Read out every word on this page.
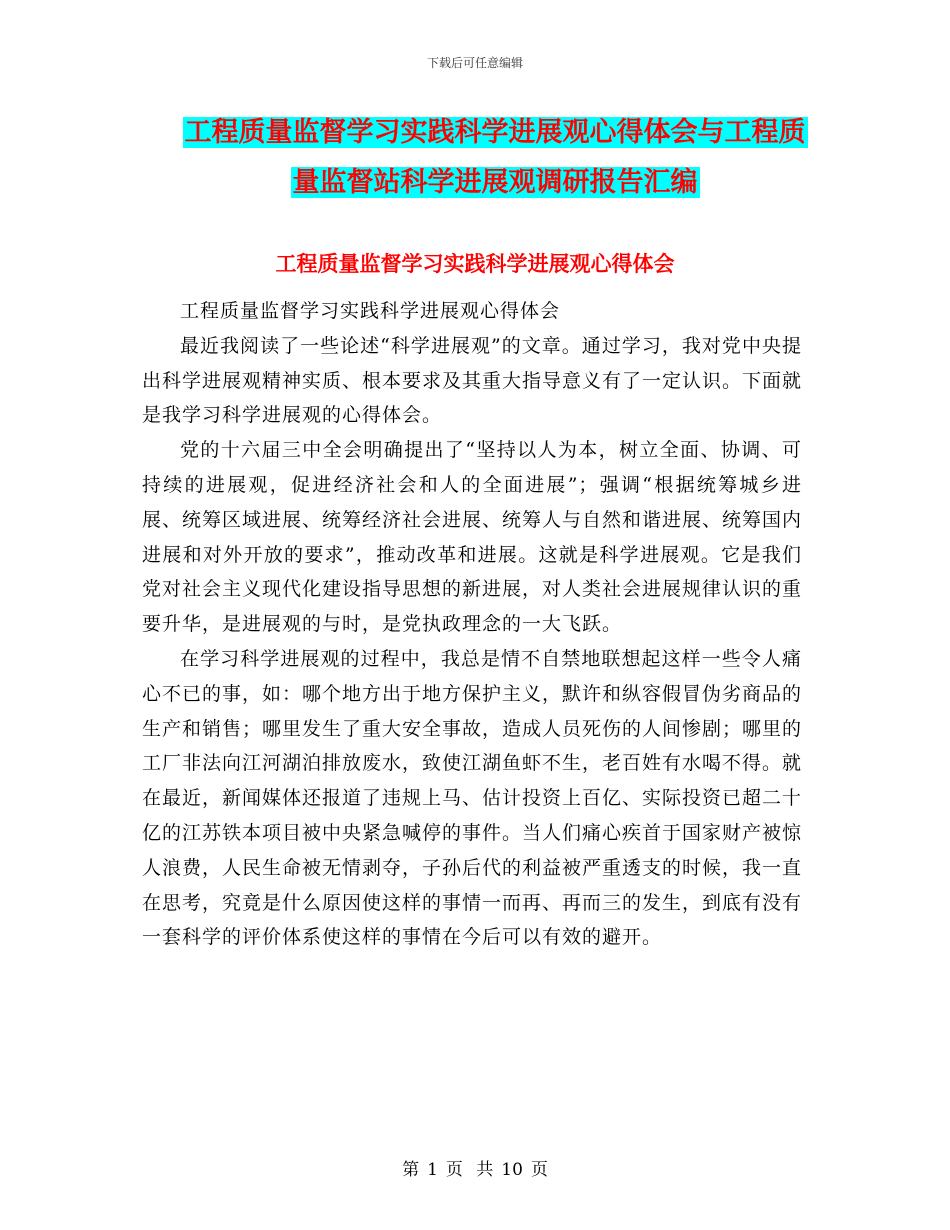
下载后可任意编辑
工程质量监督学习实践科学进展观心得体会与工程质
量监督站科学进展观调研报告汇编
工程质量监督学习实践科学进展观心得体会

工程质量监督学习实践科学进展观心得体会

最近我阅读了一些论述“科学进展观”的文章。通过学习，我对党中央提出科学进展观精神实质、根本要求及其重大指导意义有了一定认识。下面就是我学习科学进展观的心得体会。

党的十六届三中全会明确提出了“坚持以人为本，树立全面、协调、可持续的进展观，促进经济社会和人的全面进展”；强调“根据统筹城乡进展、统筹区域进展、统筹经济社会进展、统筹人与自然和谐进展、统筹国内进展和对外开放的要求”，推动改革和进展。这就是科学进展观。它是我们党对社会主义现代化建设指导思想的新进展，对人类社会进展规律认识的重要升华，是进展观的与时，是党执政理念的一大飞跃。

在学习科学进展观的过程中，我总是情不自禁地联想起这样一些令人痛心不已的事，如：哪个地方出于地方保护主义，默许和纵容假冒伪劣商品的生产和销售；哪里发生了重大安全事故，造成人员死伤的人间惨剧；哪里的工厂非法向江河湖泊排放废水，致使江湖鱼虾不生，老百姓有水喝不得。就在最近，新闻媒体还报道了违规上马、估计投资上百亿、实际投资已超二十亿的江苏铁本项目被中央紧急喊停的事件。当人们痛心疾首于国家财产被惊人浪费，人民生命被无情剥夺，子孙后代的利益被严重透支的时候，我一直在思考，究竟是什么原因使这样的事情一而再、再而三的发生，到底有没有一套科学的评价体系使这样的事情在今后可以有效的避开。

第 1 页 共 10 页
